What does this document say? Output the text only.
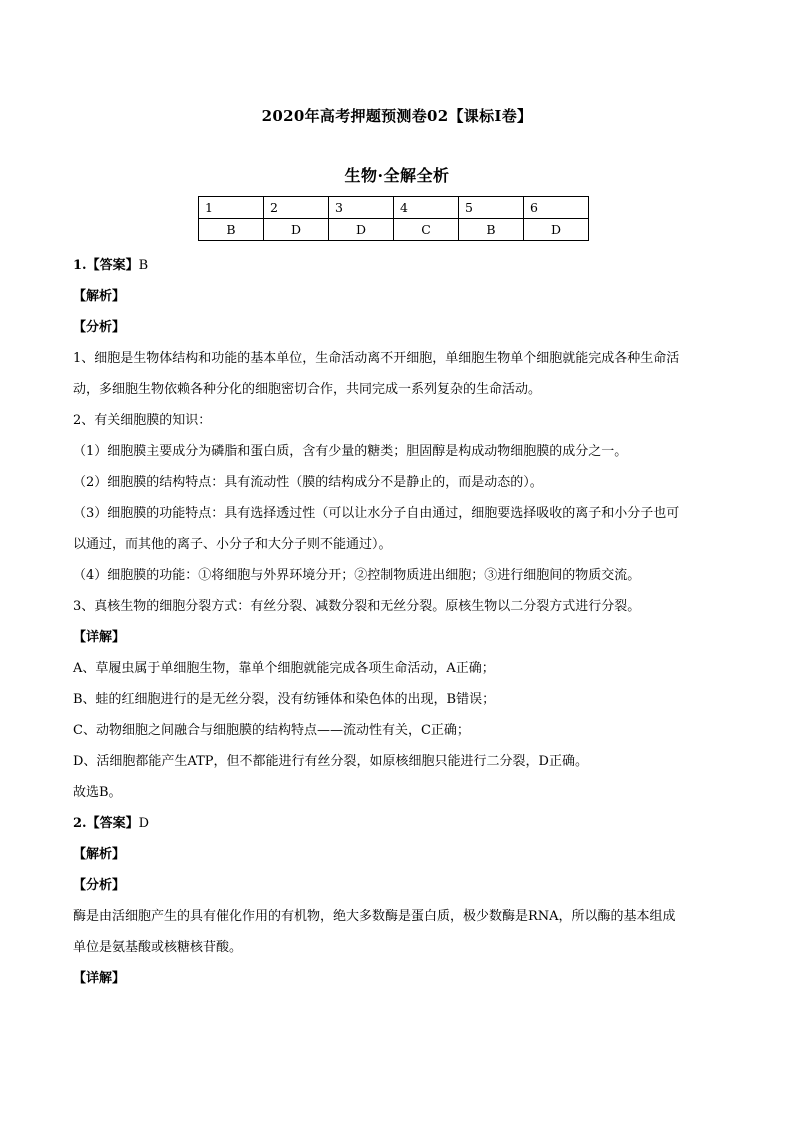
2020年高考押题预测卷02【课标I卷】
生物·全解全析
1	2	3	4	5	6
B	D	D	C	B	D

1.【答案】B

【解析】

【分析】

1、细胞是生物体结构和功能的基本单位，生命活动离不开细胞，单细胞生物单个细胞就能完成各种生命活

动，多细胞生物依赖各种分化的细胞密切合作，共同完成一系列复杂的生命活动。

2、有关细胞膜的知识：

（1）细胞膜主要成分为磷脂和蛋白质，含有少量的糖类；胆固醇是构成动物细胞膜的成分之一。

（2）细胞膜的结构特点：具有流动性（膜的结构成分不是静止的，而是动态的）。

（3）细胞膜的功能特点：具有选择透过性（可以让水分子自由通过，细胞要选择吸收的离子和小分子也可

以通过，而其他的离子、小分子和大分子则不能通过）。

（4）细胞膜的功能：①将细胞与外界环境分开；②控制物质进出细胞；③进行细胞间的物质交流。

3、真核生物的细胞分裂方式：有丝分裂、减数分裂和无丝分裂。原核生物以二分裂方式进行分裂。

【详解】

A、草履虫属于单细胞生物，靠单个细胞就能完成各项生命活动，A正确；

B、蛙的红细胞进行的是无丝分裂，没有纺锤体和染色体的出现，B错误；

C、动物细胞之间融合与细胞膜的结构特点——流动性有关，C正确；

D、活细胞都能产生ATP，但不都能进行有丝分裂，如原核细胞只能进行二分裂，D正确。

故选B。

2.【答案】D

【解析】

【分析】

酶是由活细胞产生的具有催化作用的有机物，绝大多数酶是蛋白质，极少数酶是RNA，所以酶的基本组成

单位是氨基酸或核糖核苷酸。

【详解】
